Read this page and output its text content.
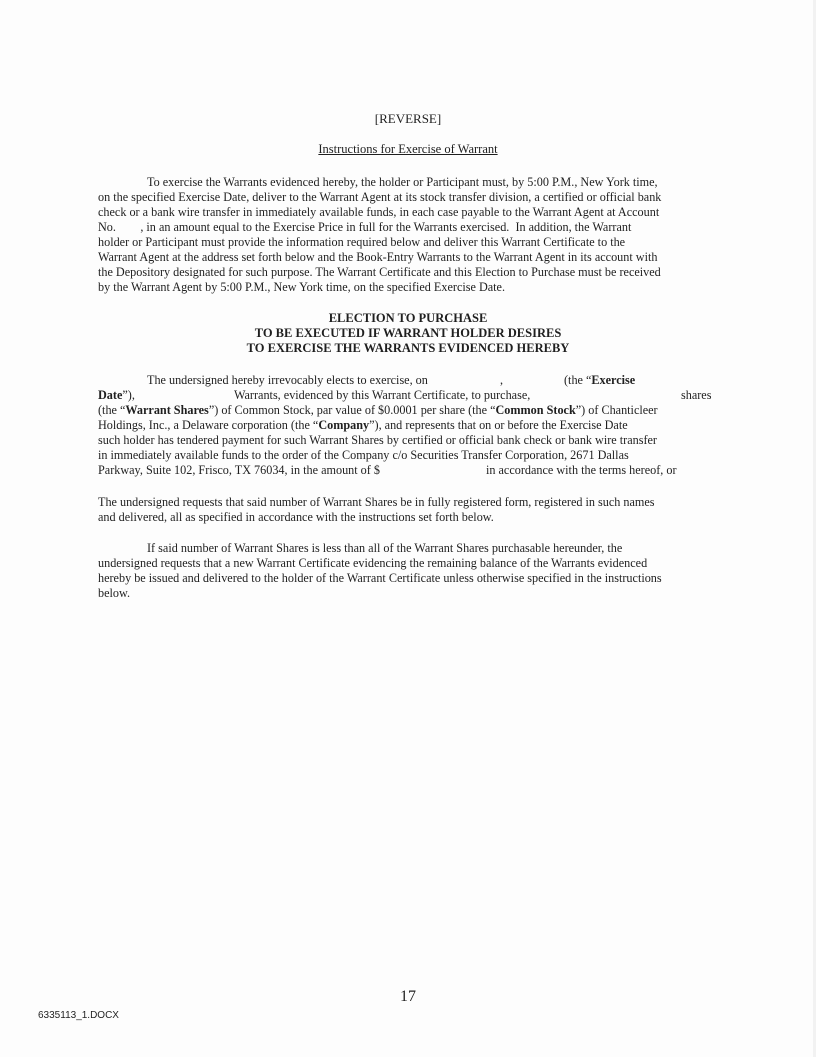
[REVERSE]
Instructions for Exercise of Warrant
To exercise the Warrants evidenced hereby, the holder or Participant must, by 5:00 P.M., New York time,
on the specified Exercise Date, deliver to the Warrant Agent at its stock transfer division, a certified or official bank
check or a bank wire transfer in immediately available funds, in each case payable to the Warrant Agent at Account
No.        , in an amount equal to the Exercise Price in full for the Warrants exercised.  In addition, the Warrant
holder or Participant must provide the information required below and deliver this Warrant Certificate to the
Warrant Agent at the address set forth below and the Book-Entry Warrants to the Warrant Agent in its account with
the Depository designated for such purpose. The Warrant Certificate and this Election to Purchase must be received
by the Warrant Agent by 5:00 P.M., New York time, on the specified Exercise Date.
ELECTION TO PURCHASE
TO BE EXECUTED IF WARRANT HOLDER DESIRES
TO EXERCISE THE WARRANTS EVIDENCED HEREBY
The undersigned hereby irrevocably elects to exercise, on	,	(the “Exercise
Date”),	Warrants, evidenced by this Warrant Certificate, to purchase,	shares
(the “Warrant Shares”) of Common Stock, par value of $0.0001 per share (the “Common Stock”) of Chanticleer
Holdings, Inc., a Delaware corporation (the “Company”), and represents that on or before the Exercise Date
such holder has tendered payment for such Warrant Shares by certified or official bank check or bank wire transfer
in immediately available funds to the order of the Company c/o Securities Transfer Corporation, 2671 Dallas
Parkway, Suite 102, Frisco, TX 76034, in the amount of $	in accordance with the terms hereof, or
The undersigned requests that said number of Warrant Shares be in fully registered form, registered in such names
and delivered, all as specified in accordance with the instructions set forth below.
If said number of Warrant Shares is less than all of the Warrant Shares purchasable hereunder, the
undersigned requests that a new Warrant Certificate evidencing the remaining balance of the Warrants evidenced
hereby be issued and delivered to the holder of the Warrant Certificate unless otherwise specified in the instructions
below.
17
6335113_1.DOCX
